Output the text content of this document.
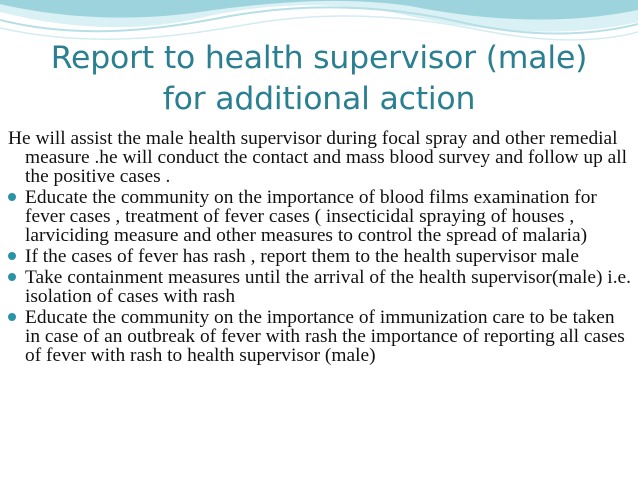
Report to health supervisor (male)
for additional action

He will assist the male health supervisor during focal spray and other remedial measure .he will conduct the contact and mass blood survey and follow up all the positive cases .

Educate the community on the importance of blood films examination for fever cases , treatment of fever cases ( insecticidal spraying of houses , larviciding measure and other measures to control the spread of malaria)
If the cases of fever has rash , report them to the health supervisor male
Take containment measures until the arrival of the health supervisor(male) i.e. isolation of cases with rash
Educate the community on the importance of immunization care to be taken in case of an outbreak of fever with rash the importance of reporting all cases of fever with rash to health supervisor (male)
